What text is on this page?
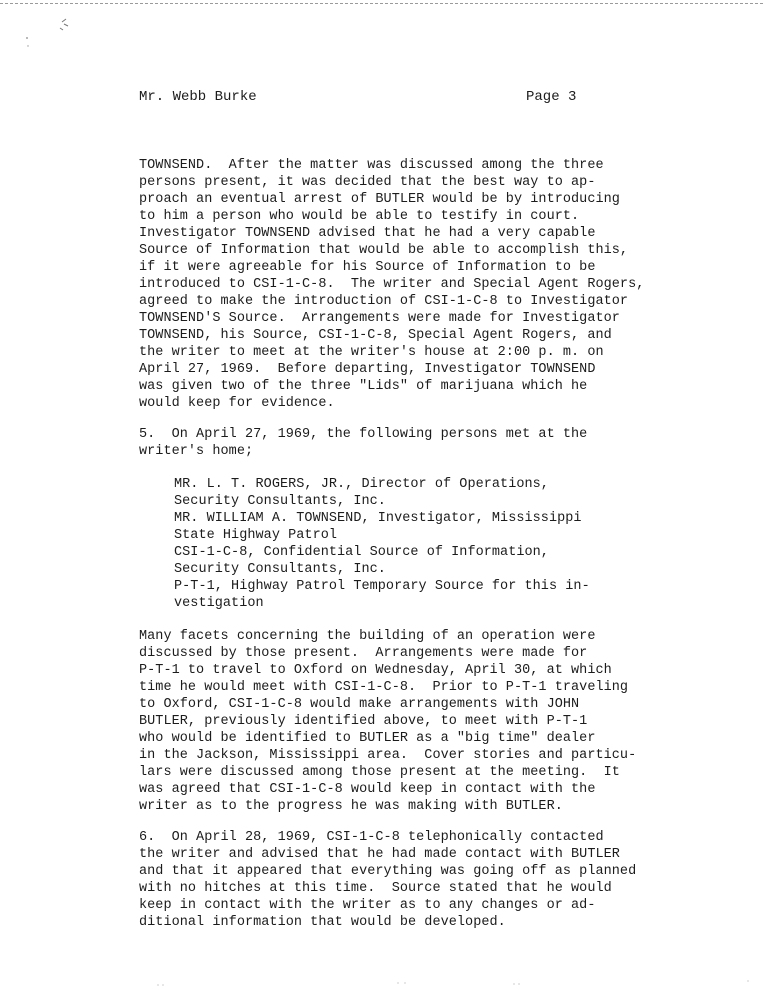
Mr. Webb Burke	Page 3
TOWNSEND.  After the matter was discussed among the three
persons present, it was decided that the best way to ap-
proach an eventual arrest of BUTLER would be by introducing
to him a person who would be able to testify in court.
Investigator TOWNSEND advised that he had a very capable
Source of Information that would be able to accomplish this,
if it were agreeable for his Source of Information to be
introduced to CSI-1-C-8.  The writer and Special Agent Rogers,
agreed to make the introduction of CSI-1-C-8 to Investigator
TOWNSEND'S Source.  Arrangements were made for Investigator
TOWNSEND, his Source, CSI-1-C-8, Special Agent Rogers, and
the writer to meet at the writer's house at 2:00 p. m. on
April 27, 1969.  Before departing, Investigator TOWNSEND
was given two of the three "Lids" of marijuana which he
would keep for evidence.
5.  On April 27, 1969, the following persons met at the
writer's home;
MR. L. T. ROGERS, JR., Director of Operations,
Security Consultants, Inc.
MR. WILLIAM A. TOWNSEND, Investigator, Mississippi
State Highway Patrol
CSI-1-C-8, Confidential Source of Information,
Security Consultants, Inc.
P-T-1, Highway Patrol Temporary Source for this in-
vestigation
Many facets concerning the building of an operation were
discussed by those present.  Arrangements were made for
P-T-1 to travel to Oxford on Wednesday, April 30, at which
time he would meet with CSI-1-C-8.  Prior to P-T-1 traveling
to Oxford, CSI-1-C-8 would make arrangements with JOHN
BUTLER, previously identified above, to meet with P-T-1
who would be identified to BUTLER as a "big time" dealer
in the Jackson, Mississippi area.  Cover stories and particu-
lars were discussed among those present at the meeting.  It
was agreed that CSI-1-C-8 would keep in contact with the
writer as to the progress he was making with BUTLER.
6.  On April 28, 1969, CSI-1-C-8 telephonically contacted
the writer and advised that he had made contact with BUTLER
and that it appeared that everything was going off as planned
with no hitches at this time.  Source stated that he would
keep in contact with the writer as to any changes or ad-
ditional information that would be developed.
